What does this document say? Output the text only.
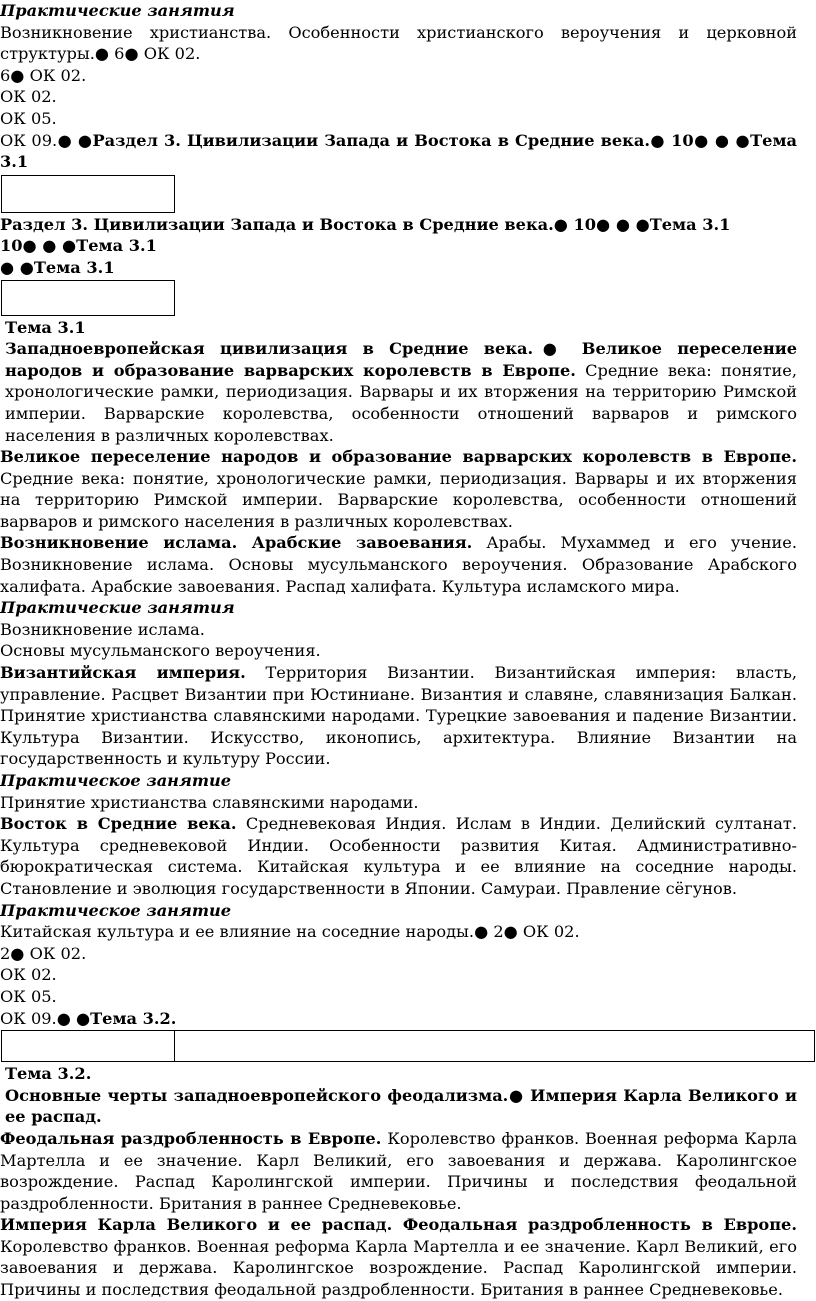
Практические занятия

Возникновение христианства. Особенности христианского вероучения и церковной структуры.● 6● ОК 02.

6● ОК 02.

ОК 02.

ОК 05.

ОК 09.● ●Раздел 3. Цивилизации Запада и Востока в Средние века.● 10● ● ●Тема 3.1

Раздел 3. Цивилизации Запада и Востока в Средние века.● 10● ● ●Тема 3.1

10● ● ●Тема 3.1

● ●Тема 3.1

Тема 3.1

Западноевропейская цивилизация в Средние века.● Великое переселение народов и образование варварских королевств в Европе. Средние века: понятие, хронологические рамки, периодизация. Варвары и их вторжения на территорию Римской империи. Варварские королевства, особенности отношений варваров и римского населения в различных королевствах.

Великое переселение народов и образование варварских королевств в Европе. Средние века: понятие, хронологические рамки, периодизация. Варвары и их вторжения на территорию Римской империи. Варварские королевства, особенности отношений варваров и римского населения в различных королевствах.

Возникновение ислама. Арабские завоевания. Арабы. Мухаммед и его учение. Возникновение ислама. Основы мусульманского вероучения. Образование Арабского халифата. Арабские завоевания. Распад халифата. Культура исламского мира.

Практические занятия

Возникновение ислама.

Основы мусульманского вероучения.

Византийская империя. Территория Византии. Византийская империя: власть, управление. Расцвет Византии при Юстиниане. Византия и славяне, славянизация Балкан. Принятие христианства славянскими народами. Турецкие завоевания и падение Византии. Культура Византии. Искусство, иконопись, архитектура. Влияние Византии на государственность и культуру России.

Практическое занятие

Принятие христианства славянскими народами.

Восток в Средние века. Средневековая Индия. Ислам в Индии. Делийский султанат. Культура средневековой Индии. Особенности развития Китая. Административно- бюрократическая система. Китайская культура и ее влияние на соседние народы. Становление и эволюция государственности в Японии. Самураи. Правление сёгунов.

Практическое занятие

Китайская культура и ее влияние на соседние народы.● 2● ОК 02.

2● ОК 02.

ОК 02.

ОК 05.

ОК 09.● ●Тема 3.2.

Тема 3.2.

Основные черты западноевропейского феодализма.● Империя Карла Великого и ее распад.

Феодальная раздробленность в Европе. Королевство франков. Военная реформа Карла Мартелла и ее значение. Карл Великий, его завоевания и держава. Каролингское возрождение. Распад Каролингской империи. Причины и последствия феодальной раздробленности. Британия в раннее Средневековье.

Империя Карла Великого и ее распад. Феодальная раздробленность в Европе. Королевство франков. Военная реформа Карла Мартелла и ее значение. Карл Великий, его завоевания и держава. Каролингское возрождение. Распад Каролингской империи. Причины и последствия феодальной раздробленности. Британия в раннее Средневековье.
